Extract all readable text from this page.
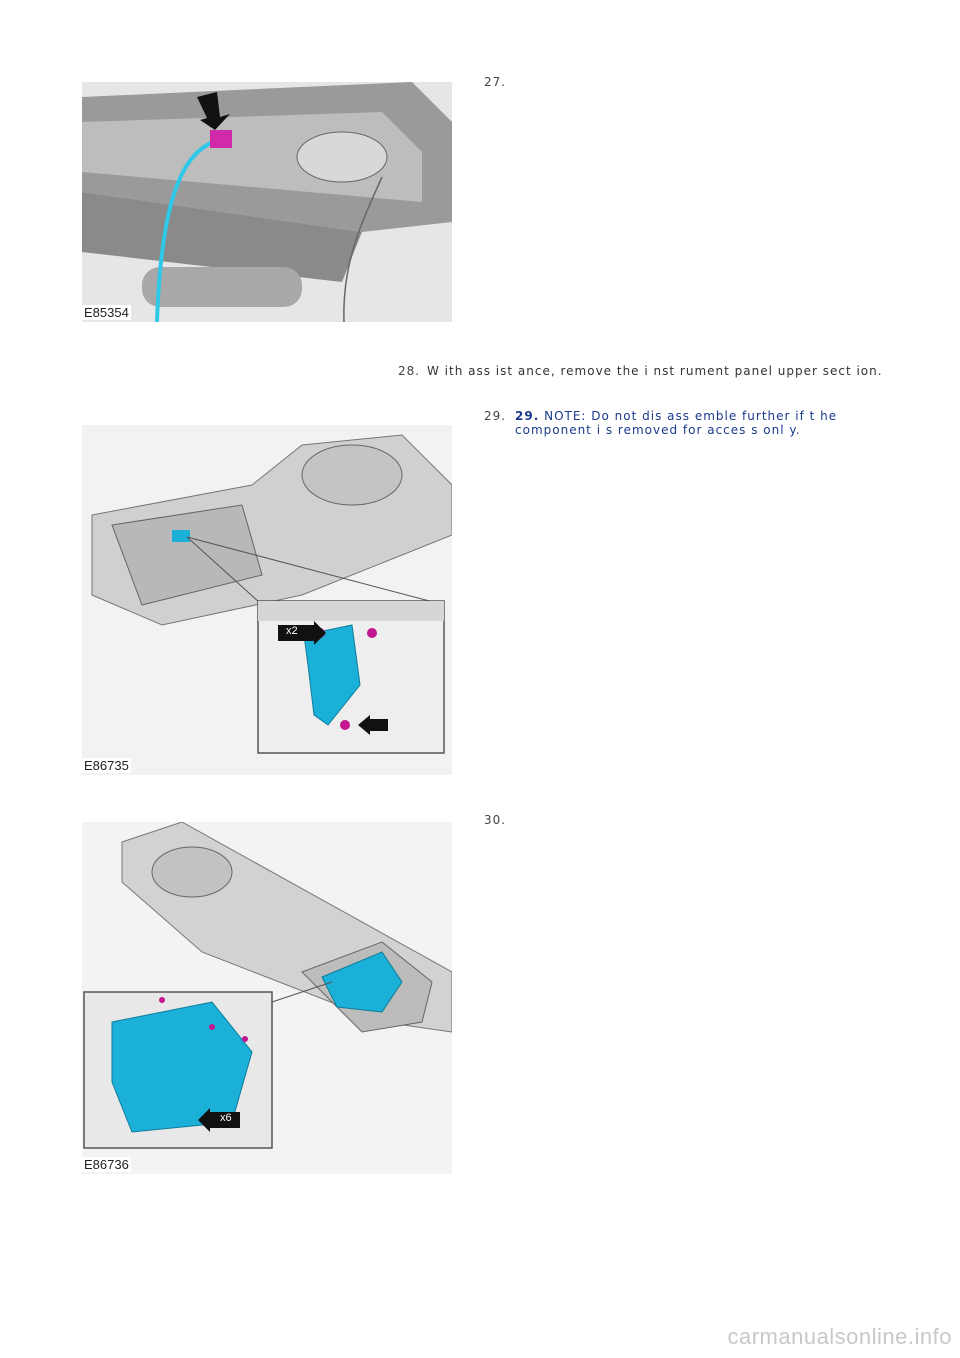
27.
E85354
28. W ith ass ist ance, remove the i nst rument panel upper sect ion.
29. 29. NOTE: Do not dis ass emble further if t he component i s removed for acces s onl y.
x2
E86735
30.
x6
E86736
carmanualsonline.info
